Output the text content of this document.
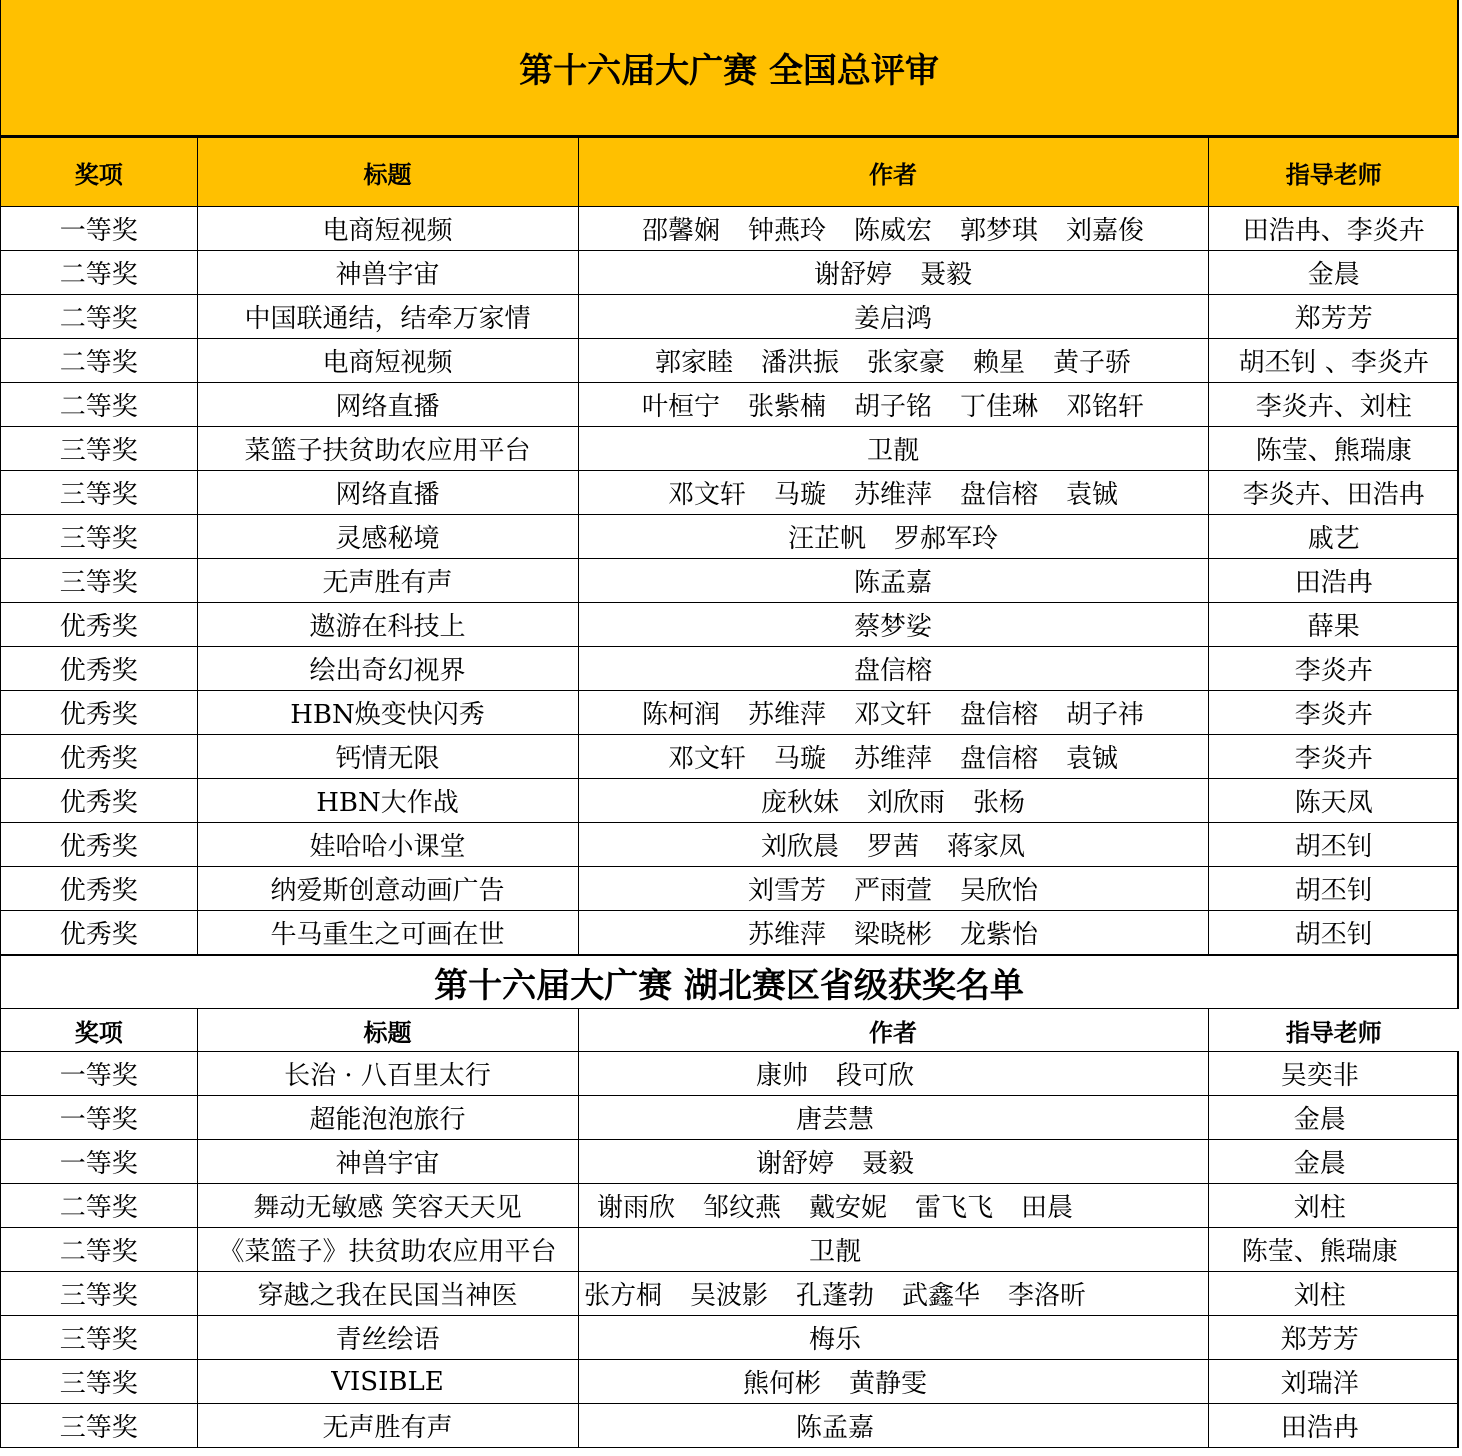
第十六届大广赛 全国总评审
奖项	标题	作者	指导老师
一等奖	电商短视频	邵馨娴 钟燕玲 陈威宏 郭梦琪 刘嘉俊	田浩冉、李炎卉
二等奖	神兽宇宙	谢舒婷 聂毅	金晨
二等奖	中国联通结，结牵万家情	姜启鸿	郑芳芳
二等奖	电商短视频	郭家睦 潘洪振 张家豪 赖星 黄子骄	胡丕钊 、李炎卉
二等奖	网络直播	叶桓宁 张紫楠 胡子铭 丁佳琳 邓铭轩	李炎卉、刘柱
三等奖	菜篮子扶贫助农应用平台	卫靓	陈莹、熊瑞康
三等奖	网络直播	邓文轩 马璇 苏维萍 盘信榕 袁铖	李炎卉、田浩冉
三等奖	灵感秘境	汪芷帆 罗郝军玲	戚艺
三等奖	无声胜有声	陈孟嘉	田浩冉
优秀奖	遨游在科技上	蔡梦娑	薛果
优秀奖	绘出奇幻视界	盘信榕	李炎卉
优秀奖	HBN焕变快闪秀	陈柯润 苏维萍 邓文轩 盘信榕 胡子祎	李炎卉
优秀奖	钙情无限	邓文轩 马璇 苏维萍 盘信榕 袁铖	李炎卉
优秀奖	HBN大作战	庞秋妹 刘欣雨 张杨	陈天凤
优秀奖	娃哈哈小课堂	刘欣晨 罗茜 蒋家凤	胡丕钊
优秀奖	纳爱斯创意动画广告	刘雪芳 严雨萱 吴欣怡	胡丕钊
优秀奖	牛马重生之可画在世	苏维萍 梁晓彬 龙紫怡	胡丕钊
第十六届大广赛 湖北赛区省级获奖名单
奖项	标题	作者	指导老师
一等奖	长治 · 八百里太行	康帅 段可欣	吴奕非
一等奖	超能泡泡旅行	唐芸慧	金晨
一等奖	神兽宇宙	谢舒婷 聂毅	金晨
二等奖	舞动无敏感 笑容天天见	谢雨欣 邹纹燕 戴安妮 雷飞飞 田晨	刘柱
二等奖	《菜篮子》扶贫助农应用平台	卫靓	陈莹、熊瑞康
三等奖	穿越之我在民国当神医	张方桐 吴波影 孔蓬勃 武鑫华 李洛昕	刘柱
三等奖	青丝绘语	梅乐	郑芳芳
三等奖	VISIBLE	熊何彬 黄静雯	刘瑞洋
三等奖	无声胜有声	陈孟嘉	田浩冉
